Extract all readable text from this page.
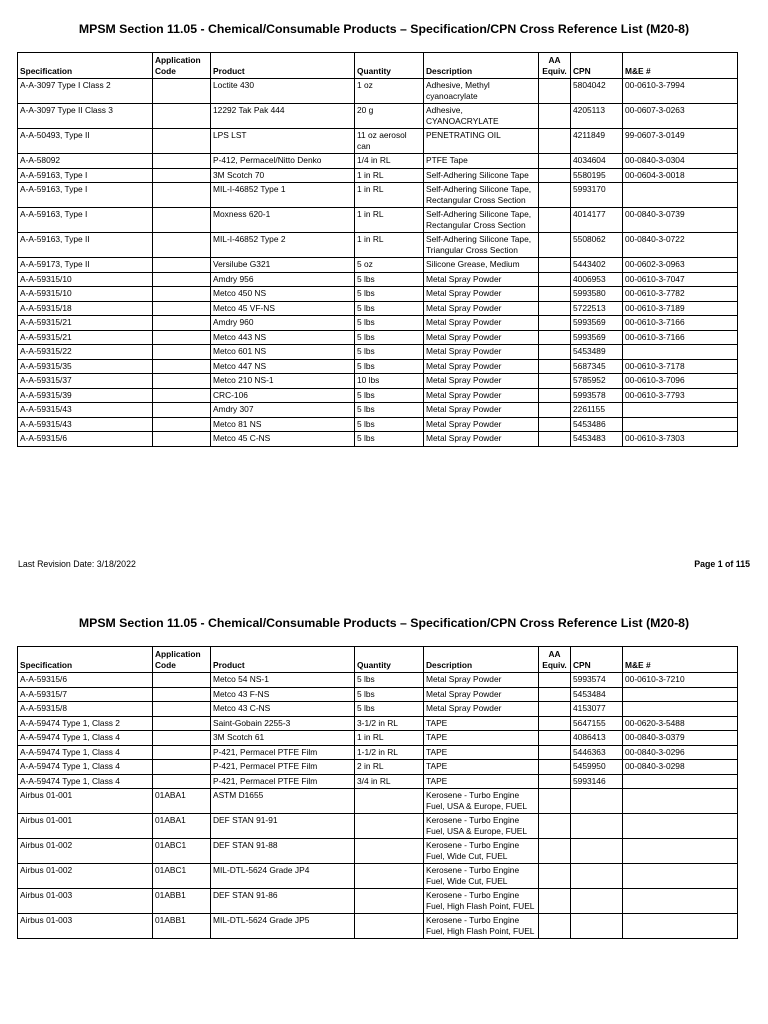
MPSM Section 11.05 - Chemical/Consumable Products – Specification/CPN Cross Reference List (M20-8)
Specification	Application Code	Product	Quantity	Description	AA Equiv.	CPN	M&E #
A-A-3097 Type I Class 2		Loctite 430	1 oz	Adhesive, Methyl cyanoacrylate		5804042	00-0610-3-7994
A-A-3097 Type II Class 3		12292 Tak Pak 444	20 g	Adhesive, CYANOACRYLATE		4205113	00-0607-3-0263
A-A-50493, Type II		LPS LST	11 oz aerosol can	PENETRATING OIL		4211849	99-0607-3-0149
A-A-58092		P-412, Permacel/Nitto Denko	1/4 in RL	PTFE Tape		4034604	00-0840-3-0304
A-A-59163, Type I		3M Scotch 70	1 in RL	Self-Adhering Silicone Tape		5580195	00-0604-3-0018
A-A-59163, Type I		MIL-I-46852 Type 1	1 in RL	Self-Adhering Silicone Tape, Rectangular Cross Section		5993170	
A-A-59163, Type I		Moxness 620-1	1 in RL	Self-Adhering Silicone Tape, Rectangular Cross Section		4014177	00-0840-3-0739
A-A-59163, Type II		MIL-I-46852 Type 2	1 in RL	Self-Adhering Silicone Tape, Triangular Cross Section		5508062	00-0840-3-0722
A-A-59173, Type II		Versilube G321	5 oz	Silicone Grease, Medium		5443402	00-0602-3-0963
A-A-59315/10		Amdry 956	5 lbs	Metal Spray Powder		4006953	00-0610-3-7047
A-A-59315/10		Metco 450 NS	5 lbs	Metal Spray Powder		5993580	00-0610-3-7782
A-A-59315/18		Metco 45 VF-NS	5 lbs	Metal Spray Powder		5722513	00-0610-3-7189
A-A-59315/21		Amdry 960	5 lbs	Metal Spray Powder		5993569	00-0610-3-7166
A-A-59315/21		Metco 443 NS	5 lbs	Metal Spray Powder		5993569	00-0610-3-7166
A-A-59315/22		Metco 601 NS	5 lbs	Metal Spray Powder		5453489	
A-A-59315/35		Metco 447 NS	5 lbs	Metal Spray Powder		5687345	00-0610-3-7178
A-A-59315/37		Metco 210 NS-1	10 lbs	Metal Spray Powder		5785952	00-0610-3-7096
A-A-59315/39		CRC-106	5 lbs	Metal Spray Powder		5993578	00-0610-3-7793
A-A-59315/43		Amdry 307	5 lbs	Metal Spray Powder		2261155	
A-A-59315/43		Metco 81 NS	5 lbs	Metal Spray Powder		5453486	
A-A-59315/6		Metco 45 C-NS	5 lbs	Metal Spray Powder		5453483	00-0610-3-7303
Last Revision Date: 3/18/2022	Page 1 of 115
MPSM Section 11.05 - Chemical/Consumable Products – Specification/CPN Cross Reference List (M20-8)
Specification	Application Code	Product	Quantity	Description	AA Equiv.	CPN	M&E #
A-A-59315/6		Metco 54 NS-1	5 lbs	Metal Spray Powder		5993574	00-0610-3-7210
A-A-59315/7		Metco 43 F-NS	5 lbs	Metal Spray Powder		5453484	
A-A-59315/8		Metco 43 C-NS	5 lbs	Metal Spray Powder		4153077	
A-A-59474 Type 1, Class 2		Saint-Gobain 2255-3	3-1/2 in RL	TAPE		5647155	00-0620-3-5488
A-A-59474 Type 1, Class 4		3M Scotch 61	1 in RL	TAPE		4086413	00-0840-3-0379
A-A-59474 Type 1, Class 4		P-421, Permacel PTFE Film	1-1/2 in RL	TAPE		5446363	00-0840-3-0296
A-A-59474 Type 1, Class 4		P-421, Permacel PTFE Film	2 in RL	TAPE		5459950	00-0840-3-0298
A-A-59474 Type 1, Class 4		P-421, Permacel PTFE Film	3/4 in RL	TAPE		5993146	
Airbus 01-001	01ABA1	ASTM D1655		Kerosene - Turbo Engine Fuel, USA & Europe, FUEL			
Airbus 01-001	01ABA1	DEF STAN 91-91		Kerosene - Turbo Engine Fuel, USA & Europe, FUEL			
Airbus 01-002	01ABC1	DEF STAN 91-88		Kerosene - Turbo Engine Fuel, Wide Cut, FUEL			
Airbus 01-002	01ABC1	MIL-DTL-5624 Grade JP4		Kerosene - Turbo Engine Fuel, Wide Cut, FUEL			
Airbus 01-003	01ABB1	DEF STAN 91-86		Kerosene - Turbo Engine Fuel, High Flash Point, FUEL			
Airbus 01-003	01ABB1	MIL-DTL-5624 Grade JP5		Kerosene - Turbo Engine Fuel, High Flash Point, FUEL			
